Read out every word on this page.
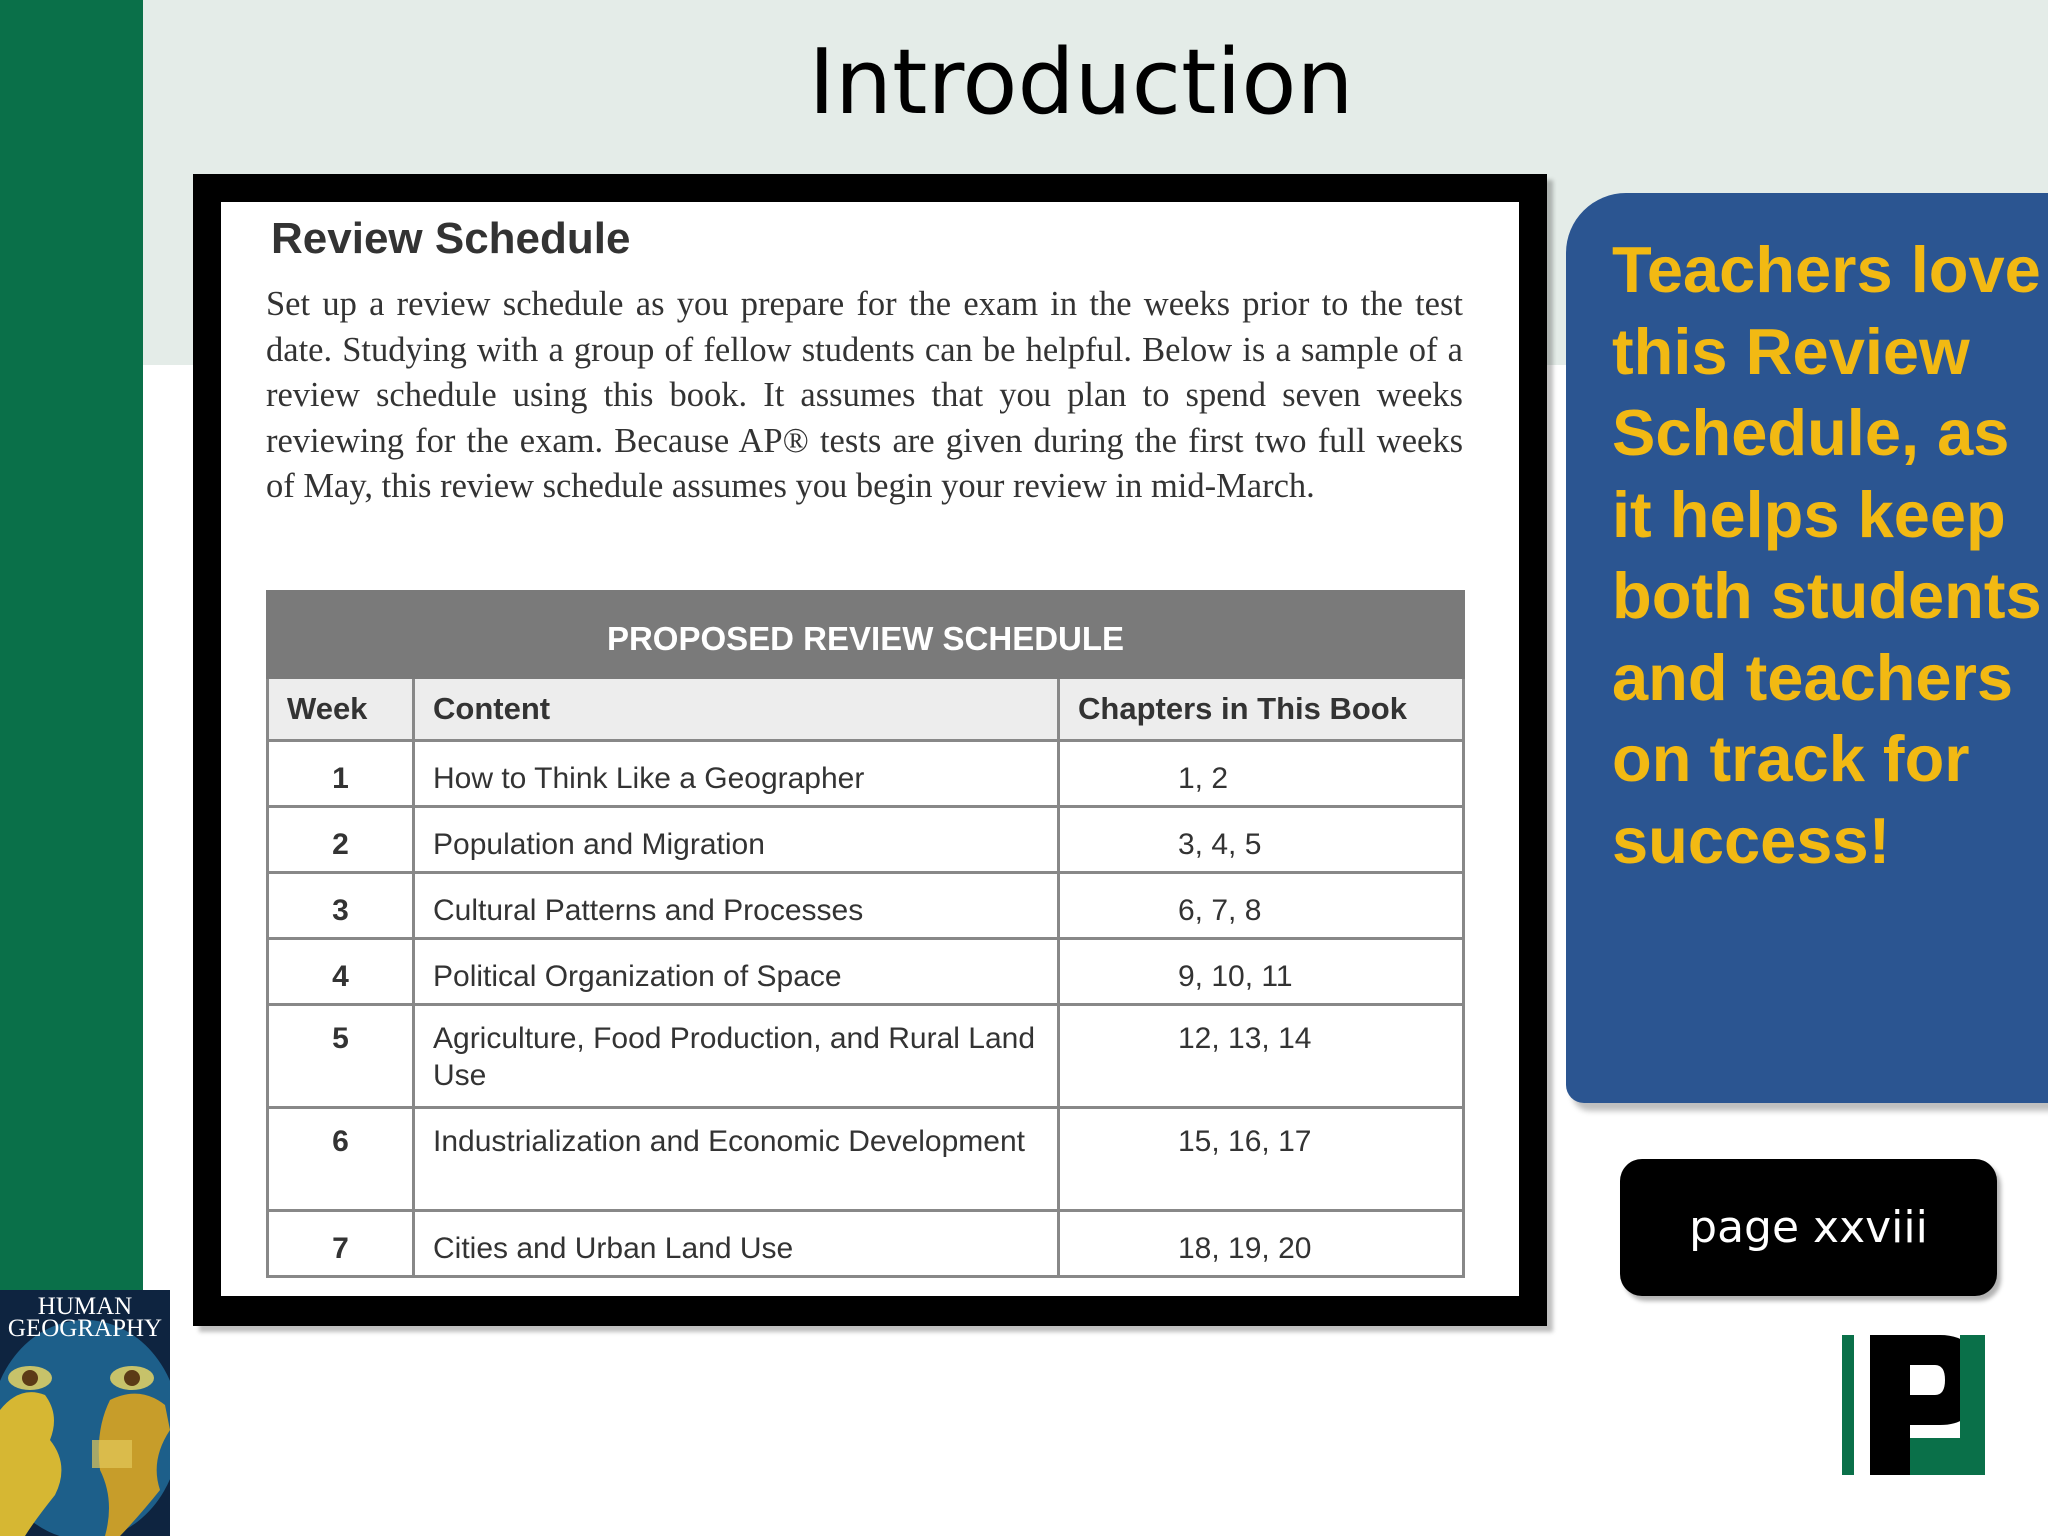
Introduction
Review Schedule

Set up a review schedule as you prepare for the exam in the weeks prior to the test date. Studying with a group of fellow students can be helpful. Below is a sample of a review schedule using this book. It assumes that you plan to spend seven weeks reviewing for the exam. Because AP® tests are given during the first two full weeks of May, this review schedule assumes you begin your review in mid-March.

PROPOSED REVIEW SCHEDULE		
Week	Content	Chapters in This Book
1	How to Think Like a Geographer	1, 2
2	Population and Migration	3, 4, 5
3	Cultural Patterns and Processes	6, 7, 8
4	Political Organization of Space	9, 10, 11
5	Agriculture, Food Production, and Rural Land Use	12, 13, 14
6	Industrialization and Economic Development	15, 16, 17
7	Cities and Urban Land Use	18, 19, 20

Teachers love this Review Schedule, as it helps keep both students and teachers on track for success!

page xxviii
HUMAN
GEOGRAPHY
